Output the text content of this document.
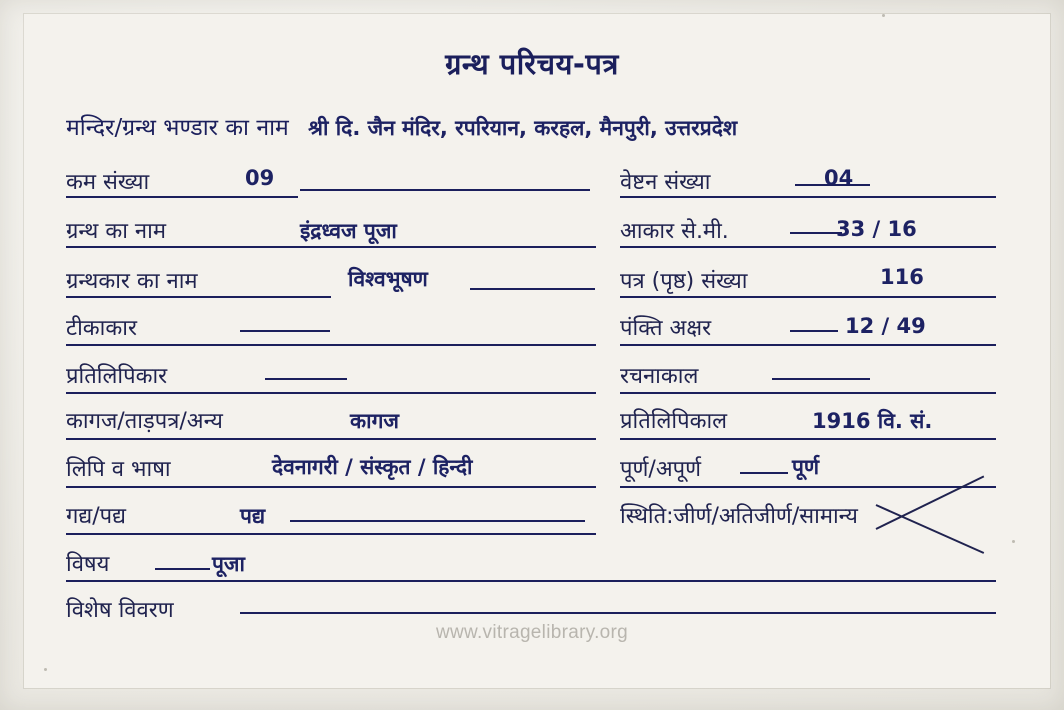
ग्रन्थ परिचय-पत्र
मन्दिर/ग्रन्थ भण्डार का नाम श्री दि. जैन मंदिर, रपरियान, करहल, मैनपुरी, उत्तरप्रदेश
कम संख्या	09
ग्रन्थ का नाम	इंद्रध्वज पूजा
ग्रन्थकार का नाम	विश्वभूषण
टीकाकार
प्रतिलिपिकार
कागज/ताड़पत्र/अन्य	कागज
लिपि व भाषा	देवनागरी / संस्कृत / हिन्दी
गद्य/पद्य	पद्य
विषय	पूजा
विशेष विवरण
वेष्टन संख्या	04
आकार से.मी.	33 / 16
पत्र (पृष्ठ) संख्या	116
पंक्ति अक्षर	12 / 49
रचनाकाल
प्रतिलिपिकाल	1916 वि. सं.
पूर्ण/अपूर्ण	पूर्ण
स्थिति:जीर्ण/अतिजीर्ण/सामान्य
www.vitragelibrary.org
